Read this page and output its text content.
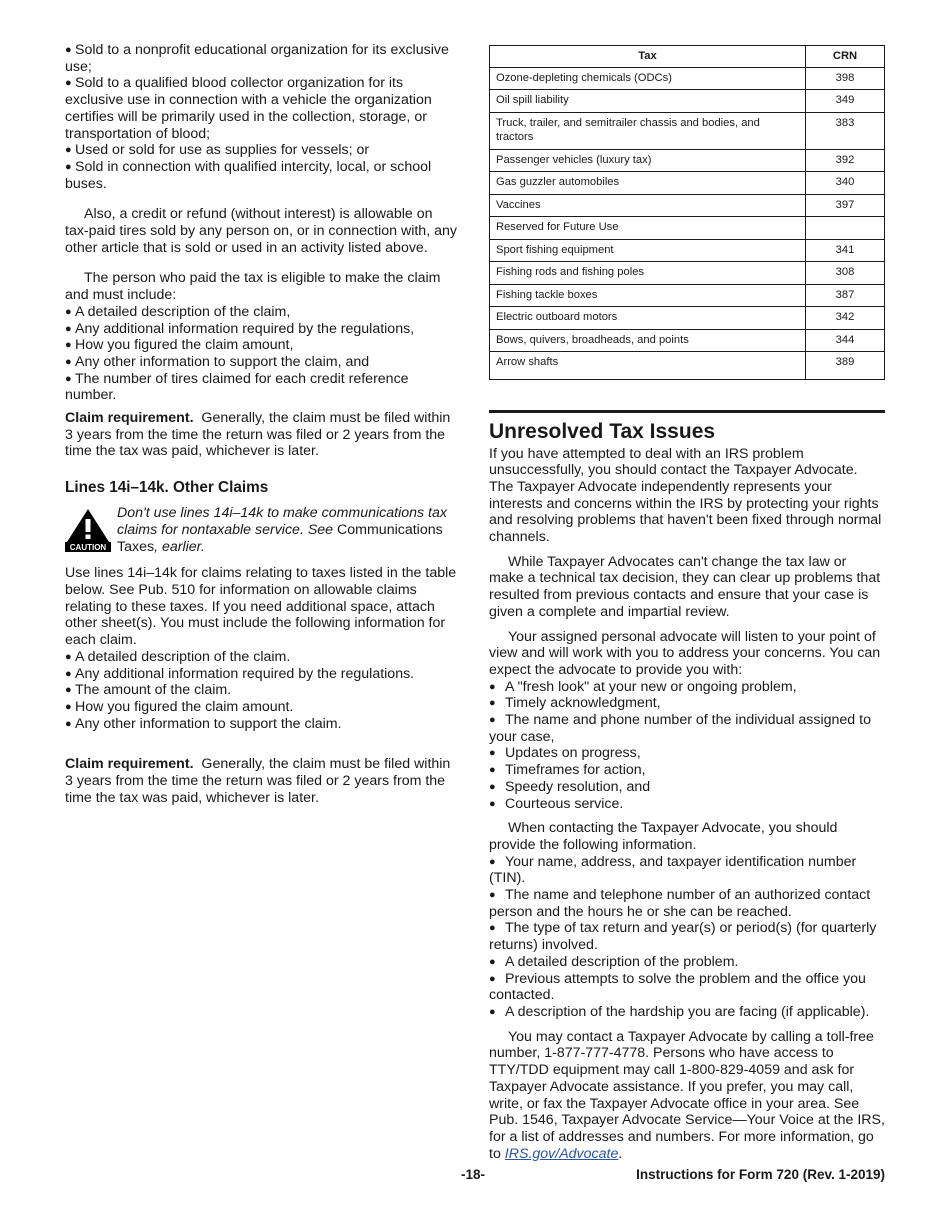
● Sold to a nonprofit educational organization for its exclusive use;
● Sold to a qualified blood collector organization for its exclusive use in connection with a vehicle the organization certifies will be primarily used in the collection, storage, or transportation of blood;
● Used or sold for use as supplies for vessels; or
● Sold in connection with qualified intercity, local, or school buses.

Also, a credit or refund (without interest) is allowable on tax-paid tires sold by any person on, or in connection with, any other article that is sold or used in an activity listed above.

The person who paid the tax is eligible to make the claim and must include:

● A detailed description of the claim,
● Any additional information required by the regulations,
● How you figured the claim amount,
● Any other information to support the claim, and
● The number of tires claimed for each credit reference number.

Claim requirement. Generally, the claim must be filed within 3 years from the time the return was filed or 2 years from the time the tax was paid, whichever is later.

Lines 14i–14k. Other Claims
CAUTION

Don't use lines 14i–14k to make communications tax claims for nontaxable service. See Communications Taxes, earlier.

Use lines 14i–14k for claims relating to taxes listed in the table below. See Pub. 510 for information on allowable claims relating to these taxes. If you need additional space, attach other sheet(s). You must include the following information for each claim.

● A detailed description of the claim.
● Any additional information required by the regulations.
● The amount of the claim.
● How you figured the claim amount.
● Any other information to support the claim.

Claim requirement. Generally, the claim must be filed within 3 years from the time the return was filed or 2 years from the time the tax was paid, whichever is later.

Tax	CRN
Ozone-depleting chemicals (ODCs)	398
Oil spill liability	349
Truck, trailer, and semitrailer chassis and bodies, and tractors	383
Passenger vehicles (luxury tax)	392
Gas guzzler automobiles	340
Vaccines	397
Reserved for Future Use	
Sport fishing equipment	341
Fishing rods and fishing poles	308
Fishing tackle boxes	387
Electric outboard motors	342
Bows, quivers, broadheads, and points	344
Arrow shafts	389
Unresolved Tax Issues

If you have attempted to deal with an IRS problem unsuccessfully, you should contact the Taxpayer Advocate. The Taxpayer Advocate independently represents your interests and concerns within the IRS by protecting your rights and resolving problems that haven't been fixed through normal channels.

While Taxpayer Advocates can't change the tax law or make a technical tax decision, they can clear up problems that resulted from previous contacts and ensure that your case is given a complete and impartial review.

Your assigned personal advocate will listen to your point of view and will work with you to address your concerns. You can expect the advocate to provide you with:

● A "fresh look" at your new or ongoing problem,
● Timely acknowledgment,
● The name and phone number of the individual assigned to your case,
● Updates on progress,
● Timeframes for action,
● Speedy resolution, and
● Courteous service.

When contacting the Taxpayer Advocate, you should provide the following information.

● Your name, address, and taxpayer identification number (TIN).
● The name and telephone number of an authorized contact person and the hours he or she can be reached.
● The type of tax return and year(s) or period(s) (for quarterly returns) involved.
● A detailed description of the problem.
● Previous attempts to solve the problem and the office you contacted.
● A description of the hardship you are facing (if applicable).

You may contact a Taxpayer Advocate by calling a toll-free number, 1-877-777-4778. Persons who have access to TTY/TDD equipment may call 1-800-829-4059 and ask for Taxpayer Advocate assistance. If you prefer, you may call, write, or fax the Taxpayer Advocate office in your area. See Pub. 1546, Taxpayer Advocate Service—Your Voice at the IRS, for a list of addresses and numbers. For more information, go to IRS.gov/Advocate.

-18-	Instructions for Form 720 (Rev. 1-2019)
